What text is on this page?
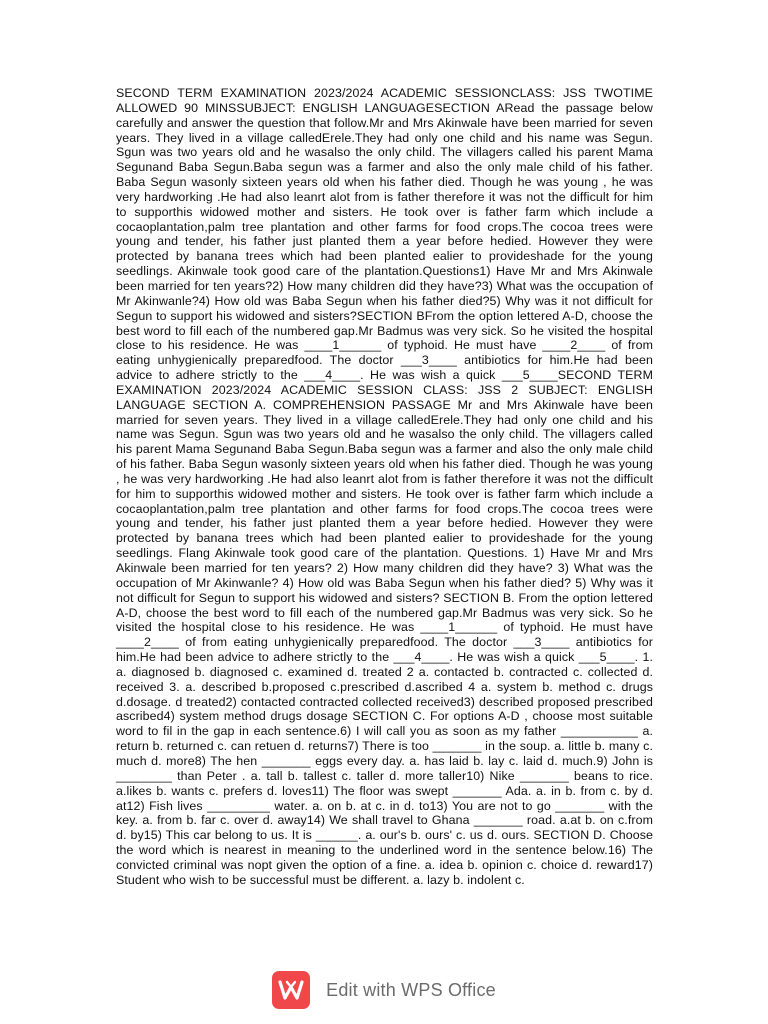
SECOND TERM EXAMINATION 2023/2024 ACADEMIC SESSIONCLASS: JSS TWOTIME ALLOWED 90 MINSSUBJECT: ENGLISH LANGUAGESECTION ARead the passage below carefully and answer the question that follow.Mr and Mrs Akinwale have been married for seven years. They lived in a village calledErele.They had only one child and his name was Segun. Sgun was two years old and he wasalso the only child. The villagers called his parent Mama Segunand Baba Segun.Baba segun was a farmer and also the only male child of his father. Baba Segun wasonly sixteen years old when his father died. Though he was young , he was very hardworking .He had also leanrt alot from is father therefore it was not the difficult for him to supporthis widowed mother and sisters. He took over is father farm which include a cocaoplantation,palm tree plantation and other farms for food crops.The cocoa trees were young and tender, his father just planted them a year before hedied. However they were protected by banana trees which had been planted ealier to provideshade for the young seedlings. Akinwale took good care of the plantation.Questions1) Have Mr and Mrs Akinwale been married for ten years?2) How many children did they have?3) What was the occupation of Mr Akinwanle?4) How old was Baba Segun when his father died?5) Why was it not difficult for Segun to support his widowed and sisters?SECTION BFrom the option lettered A-D, choose the best word to fill each of the numbered gap.Mr Badmus was very sick. So he visited the hospital close to his residence. He was ____1______ of typhoid. He must have ____2____ of from eating unhygienically preparedfood. The doctor ___3____ antibiotics for him.He had been advice to adhere strictly to the ___4____. He was wish a quick ___5____SECOND TERM EXAMINATION 2023/2024 ACADEMIC SESSION CLASS: JSS 2 SUBJECT: ENGLISH LANGUAGE SECTION A. COMPREHENSION PASSAGE Mr and Mrs Akinwale have been married for seven years. They lived in a village calledErele.They had only one child and his name was Segun. Sgun was two years old and he wasalso the only child. The villagers called his parent Mama Segunand Baba Segun.Baba segun was a farmer and also the only male child of his father. Baba Segun wasonly sixteen years old when his father died. Though he was young , he was very hardworking .He had also leanrt alot from is father therefore it was not the difficult for him to supporthis widowed mother and sisters. He took over is father farm which include a cocaoplantation,palm tree plantation and other farms for food crops.The cocoa trees were young and tender, his father just planted them a year before hedied. However they were protected by banana trees which had been planted ealier to provideshade for the young seedlings. Flang Akinwale took good care of the plantation. Questions. 1) Have Mr and Mrs Akinwale been married for ten years? 2) How many children did they have? 3) What was the occupation of Mr Akinwanle? 4) How old was Baba Segun when his father died? 5) Why was it not difficult for Segun to support his widowed and sisters? SECTION B. From the option lettered A-D, choose the best word to fill each of the numbered gap.Mr Badmus was very sick. So he visited the hospital close to his residence. He was ____1______ of typhoid. He must have ____2____ of from eating unhygienically preparedfood. The doctor ___3____ antibiotics for him.He had been advice to adhere strictly to the ___4____. He was wish a quick ___5____. 1. a. diagnosed b. diagnosed c. examined d. treated 2 a. contacted b. contracted c. collected d. received 3. a. described b.proposed c.prescribed d.ascribed 4 a. system b. method c. drugs d.dosage. d treated2) contacted contracted collected received3) described proposed prescribed ascribed4) system method drugs dosage SECTION C. For options A-D , choose most suitable word to fil in the gap in each sentence.6) I will call you as soon as my father ___________ a. return b. returned c. can retuen d. returns7) There is too _______ in the soup. a. little b. many c. much d. more8) The hen _______ eggs every day. a. has laid b. lay c. laid d. much.9) John is ________ than Peter . a. tall b. tallest c. taller d. more taller10) Nike _______ beans to rice. a.likes b. wants c. prefers d. loves11) The floor was swept _______ Ada. a. in b. from c. by d. at12) Fish lives _________ water. a. on b. at c. in d. to13) You are not to go _______ with the key. a. from b. far c. over d. away14) We shall travel to Ghana _______ road. a.at b. on c.from d. by15) This car belong to us. It is ______. a. our's b. ours' c. us d. ours. SECTION D. Choose the word which is nearest in meaning to the underlined word in the sentence below.16) The convicted criminal was nopt given the option of a fine. a. idea b. opinion c. choice d. reward17) Student who wish to be successful must be different. a. lazy b. indolent c.

Edit with WPS Office
